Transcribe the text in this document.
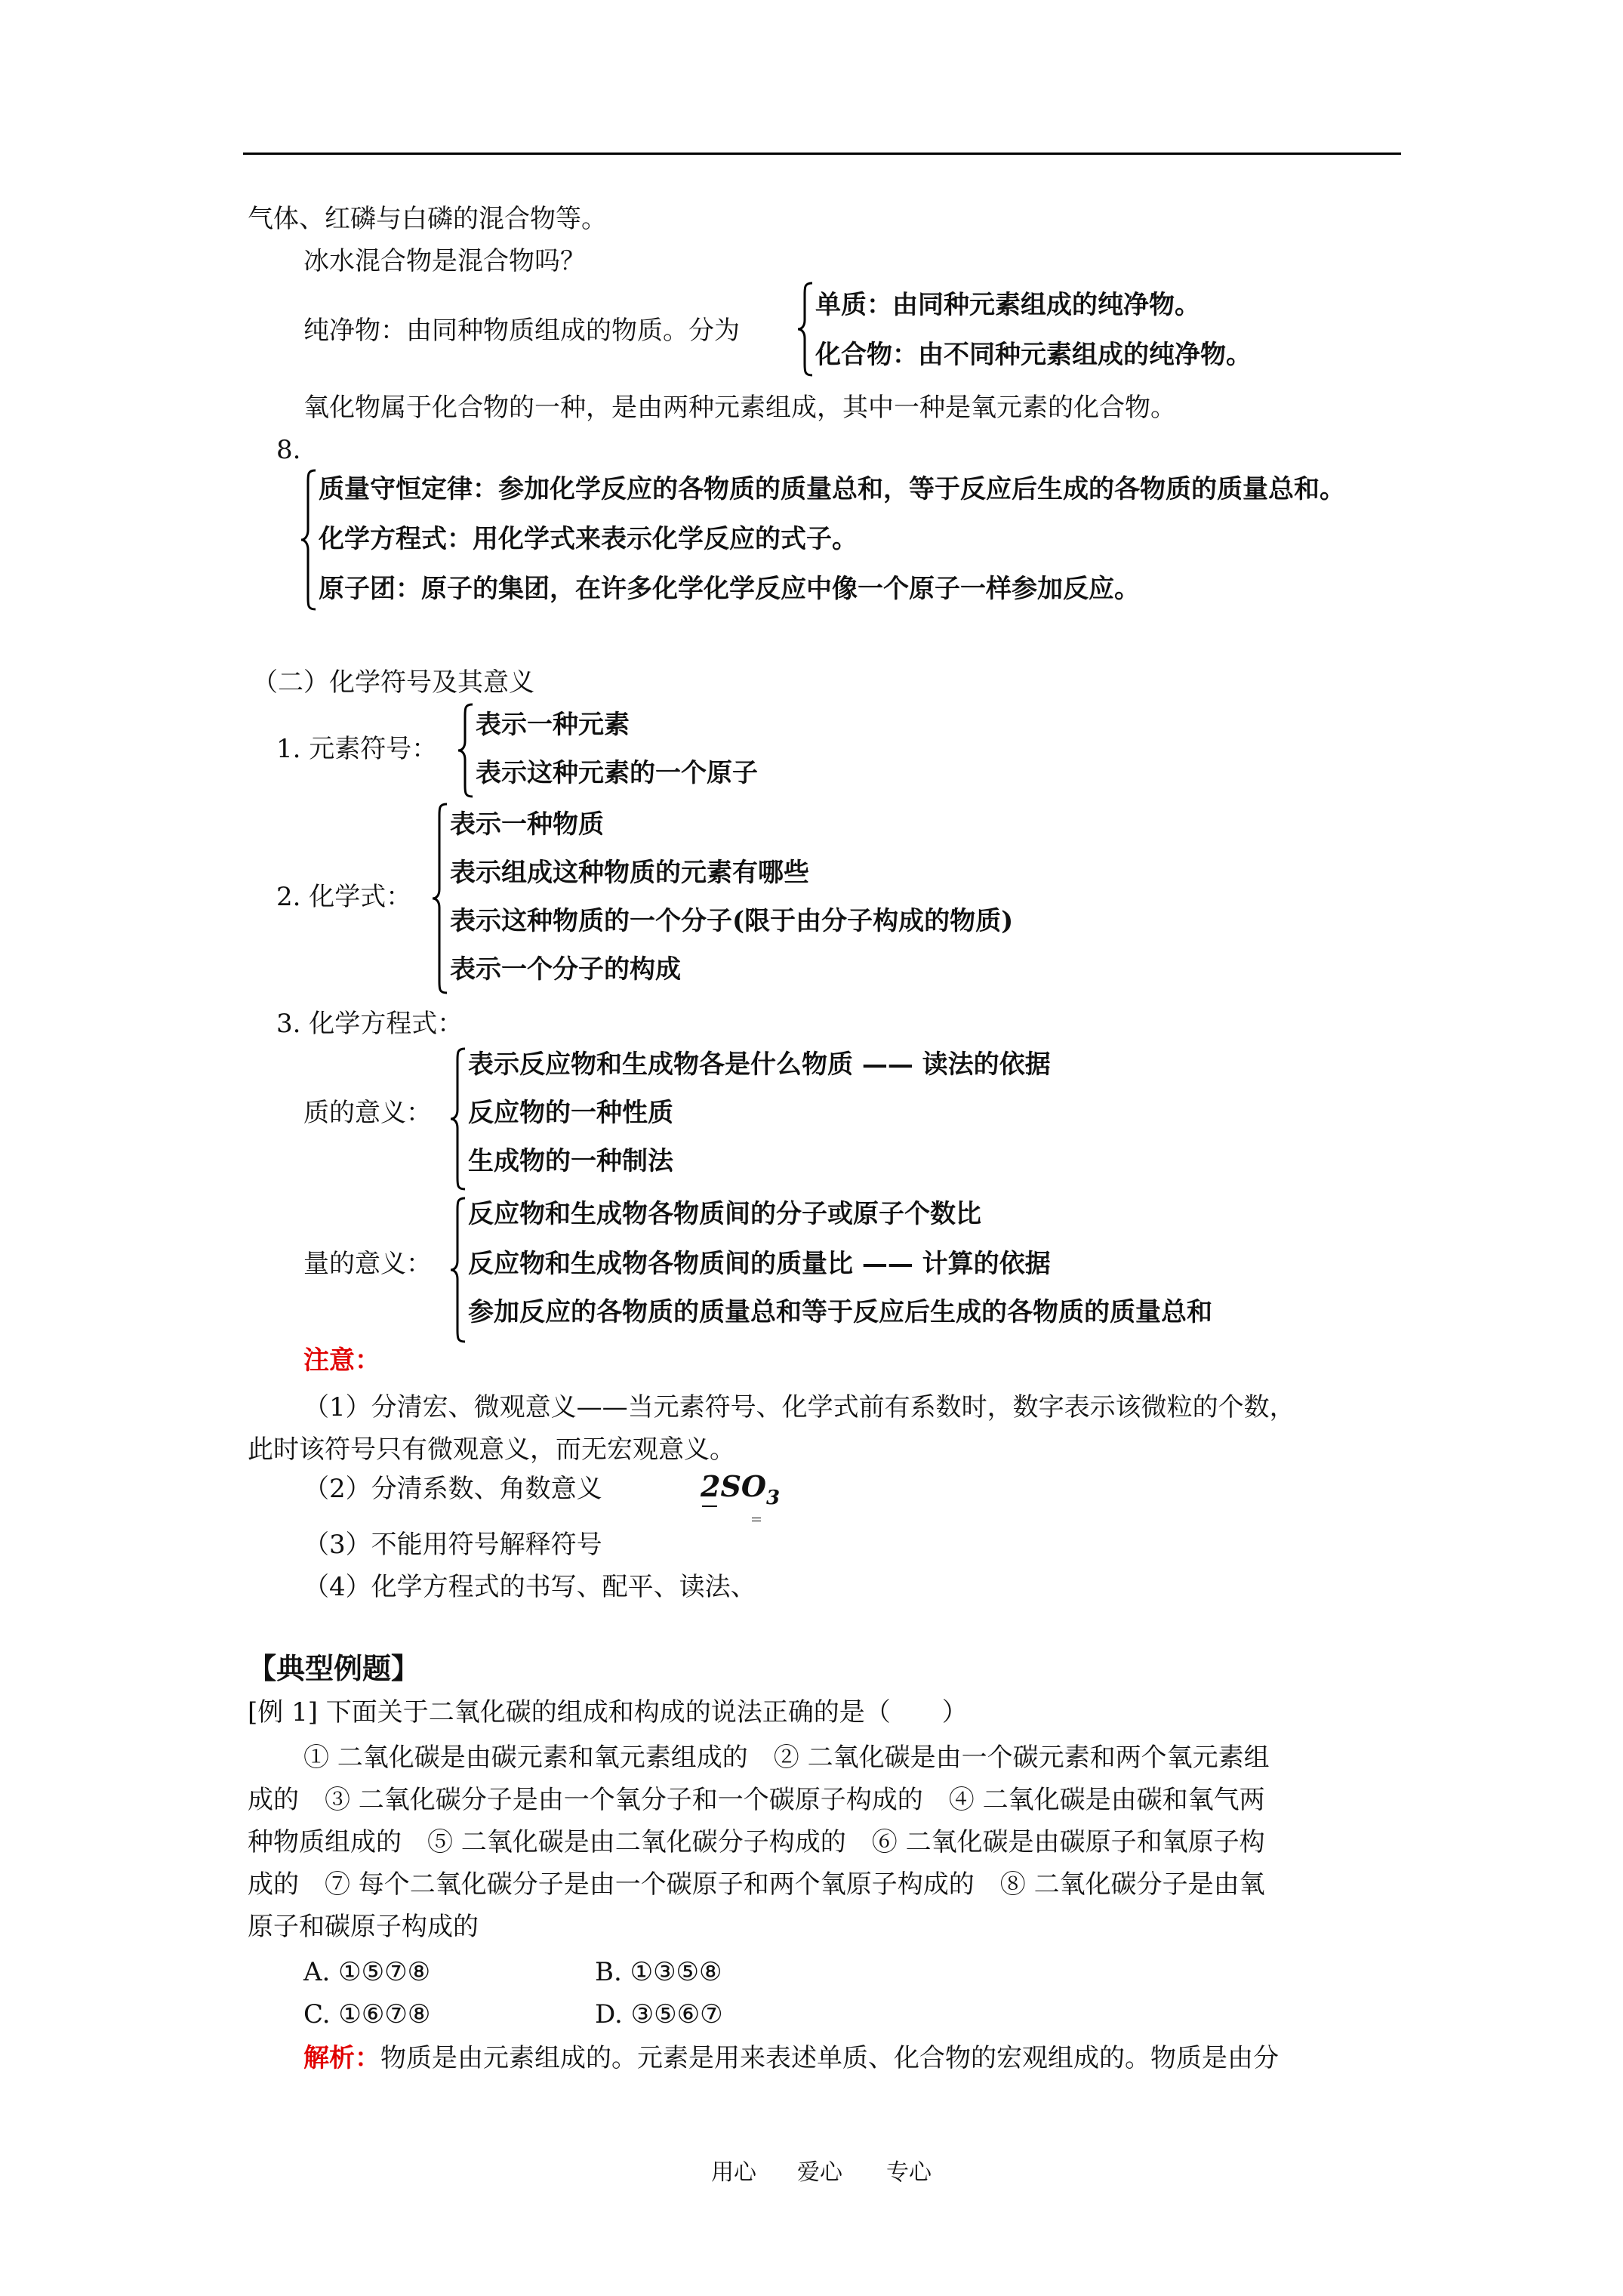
气体、红磷与白磷的混合物等。
冰水混合物是混合物吗？
纯净物：由同种物质组成的物质。分为
单质：由同种元素组成的纯净物。
化合物：由不同种元素组成的纯净物。
氧化物属于化合物的一种，是由两种元素组成，其中一种是氧元素的化合物。
8.
质量守恒定律：参加化学反应的各物质的质量总和，等于反应后生成的各物质的质量总和。
化学方程式：用化学式来表示化学反应的式子。
原子团：原子的集团，在许多化学化学反应中像一个原子一样参加反应。
（二）化学符号及其意义
1. 元素符号：
表示一种元素
表示这种元素的一个原子
2. 化学式：
表示一种物质
表示组成这种物质的元素有哪些
表示这种物质的一个分子(限于由分子构成的物质)
表示一个分子的构成
3. 化学方程式：
质的意义：
表示反应物和生成物各是什么物质 —— 读法的依据
反应物的一种性质
生成物的一种制法
量的意义：
反应物和生成物各物质间的分子或原子个数比
反应物和生成物各物质间的质量比 —— 计算的依据
参加反应的各物质的质量总和等于反应后生成的各物质的质量总和
注意：
（1）分清宏、微观意义——当元素符号、化学式前有系数时，数字表示该微粒的个数，
此时该符号只有微观意义，而无宏观意义。
（2）分清系数、角数意义	$2SO_3$
（3）不能用符号解释符号
（4）化学方程式的书写、配平、读法、
【典型例题】
[例 1] 下面关于二氧化碳的组成和构成的说法正确的是（　　）
① 二氧化碳是由碳元素和氧元素组成的　② 二氧化碳是由一个碳元素和两个氧元素组
成的　③ 二氧化碳分子是由一个氧分子和一个碳原子构成的　④ 二氧化碳是由碳和氧气两
种物质组成的　⑤ 二氧化碳是由二氧化碳分子构成的　⑥ 二氧化碳是由碳原子和氧原子构
成的　⑦ 每个二氧化碳分子是由一个碳原子和两个氧原子构成的　⑧ 二氧化碳分子是由氧
原子和碳原子构成的
A. ①⑤⑦⑧	B. ①③⑤⑧
C. ①⑥⑦⑧	D. ③⑤⑥⑦
解析：物质是由元素组成的。元素是用来表述单质、化合物的宏观组成的。物质是由分
用心 爱心 专心
